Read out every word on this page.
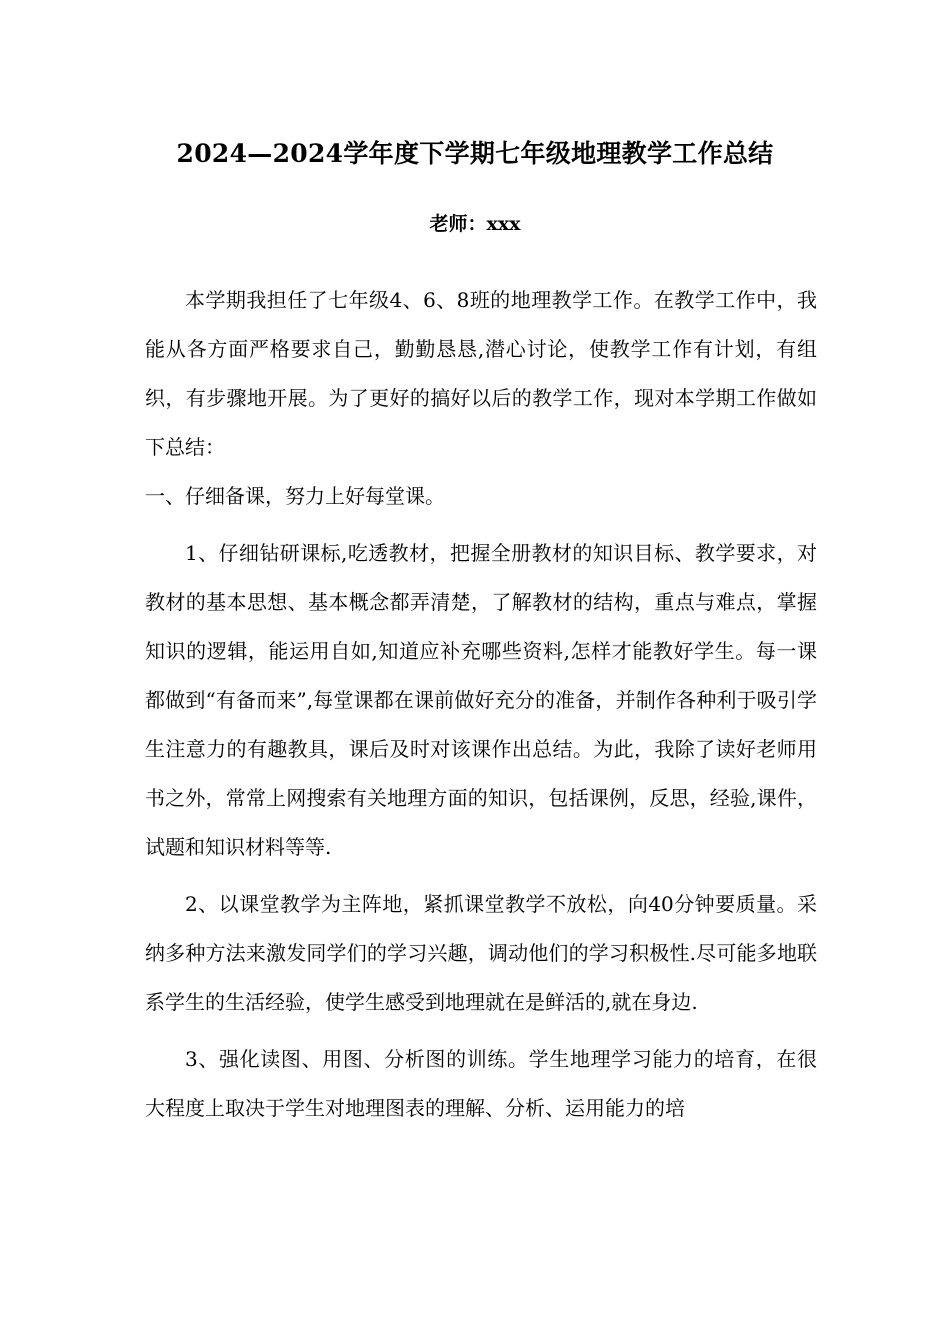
2024—2024学年度下学期七年级地理教学工作总结
老师：xxx

本学期我担任了七年级4、6、8班的地理教学工作。在教学工作中，我能从各方面严格要求自己，勤勤恳恳,潜心讨论，使教学工作有计划，有组织，有步骤地开展。为了更好的搞好以后的教学工作，现对本学期工作做如下总结：

一、仔细备课，努力上好每堂课。

1、仔细钻研课标,吃透教材，把握全册教材的知识目标、教学要求，对教材的基本思想、基本概念都弄清楚，了解教材的结构，重点与难点，掌握知识的逻辑，能运用自如,知道应补充哪些资料,怎样才能教好学生。每一课都做到“有备而来”,每堂课都在课前做好充分的准备，并制作各种利于吸引学生注意力的有趣教具，课后及时对该课作出总结。为此，我除了读好老师用书之外，常常上网搜索有关地理方面的知识，包括课例，反思，经验,课件，试题和知识材料等等.

2、以课堂教学为主阵地，紧抓课堂教学不放松，向40分钟要质量。采纳多种方法来激发同学们的学习兴趣，调动他们的学习积极性.尽可能多地联系学生的生活经验，使学生感受到地理就在是鲜活的,就在身边.

3、强化读图、用图、分析图的训练。学生地理学习能力的培育，在很大程度上取决于学生对地理图表的理解、分析、运用能力的培
